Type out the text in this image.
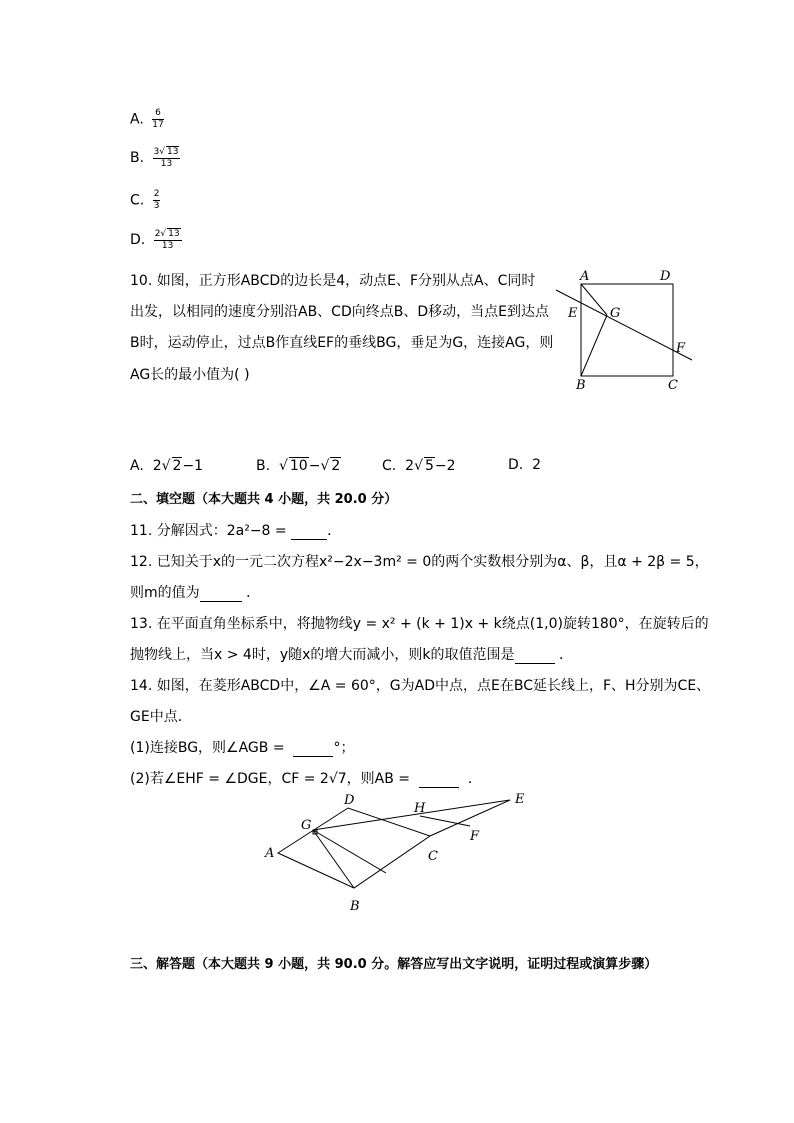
A. $\frac{6}{17}$
B. $\frac{3√ 13}{13}$
C. $\frac{2}{3}$
D. $\frac{2√ 13}{13}$
10. 如图，正方形ABCD的边长是4，动点E、F分别从点A、C同时
出发，以相同的速度分别沿AB、CD向终点B、D移动，当点E到达点
B时，运动停止，过点B作直线EF的垂线BG，垂足为G，连接AG，则
AG长的最小值为( )
A	D
E	G
F
B	C
A. 2√ 2−1	B.  √ 10−√ 2	C. 2√ 5−2	D. 2
二、填空题（本大题共 4 小题，共 20.0 分）
11. 分解因式：2a²−8 =	．
12. 已知关于x的一元二次方程x²−2x−3m² = 0的两个实数根分别为α、β，且α + 2β = 5，
则m的值为	．
13. 在平面直角坐标系中，将抛物线y = x² + (k + 1)x + k绕点(1,0)旋转180°，在旋转后的
抛物线上，当x > 4时，y随x的增大而减小，则k的取值范围是	．
14. 如图，在菱形ABCD中，∠A = 60°，G为AD中点，点E在BC延长线上，F、H分别为CE、
GE中点．
(1)连接BG，则∠AGB =	°；
(2)若∠EHF = ∠DGE，CF = 2√7，则AB =	．
A
D
G
H
E
F
C
B
三、解答题（本大题共 9 小题，共 90.0 分。解答应写出文字说明，证明过程或演算步骤）
